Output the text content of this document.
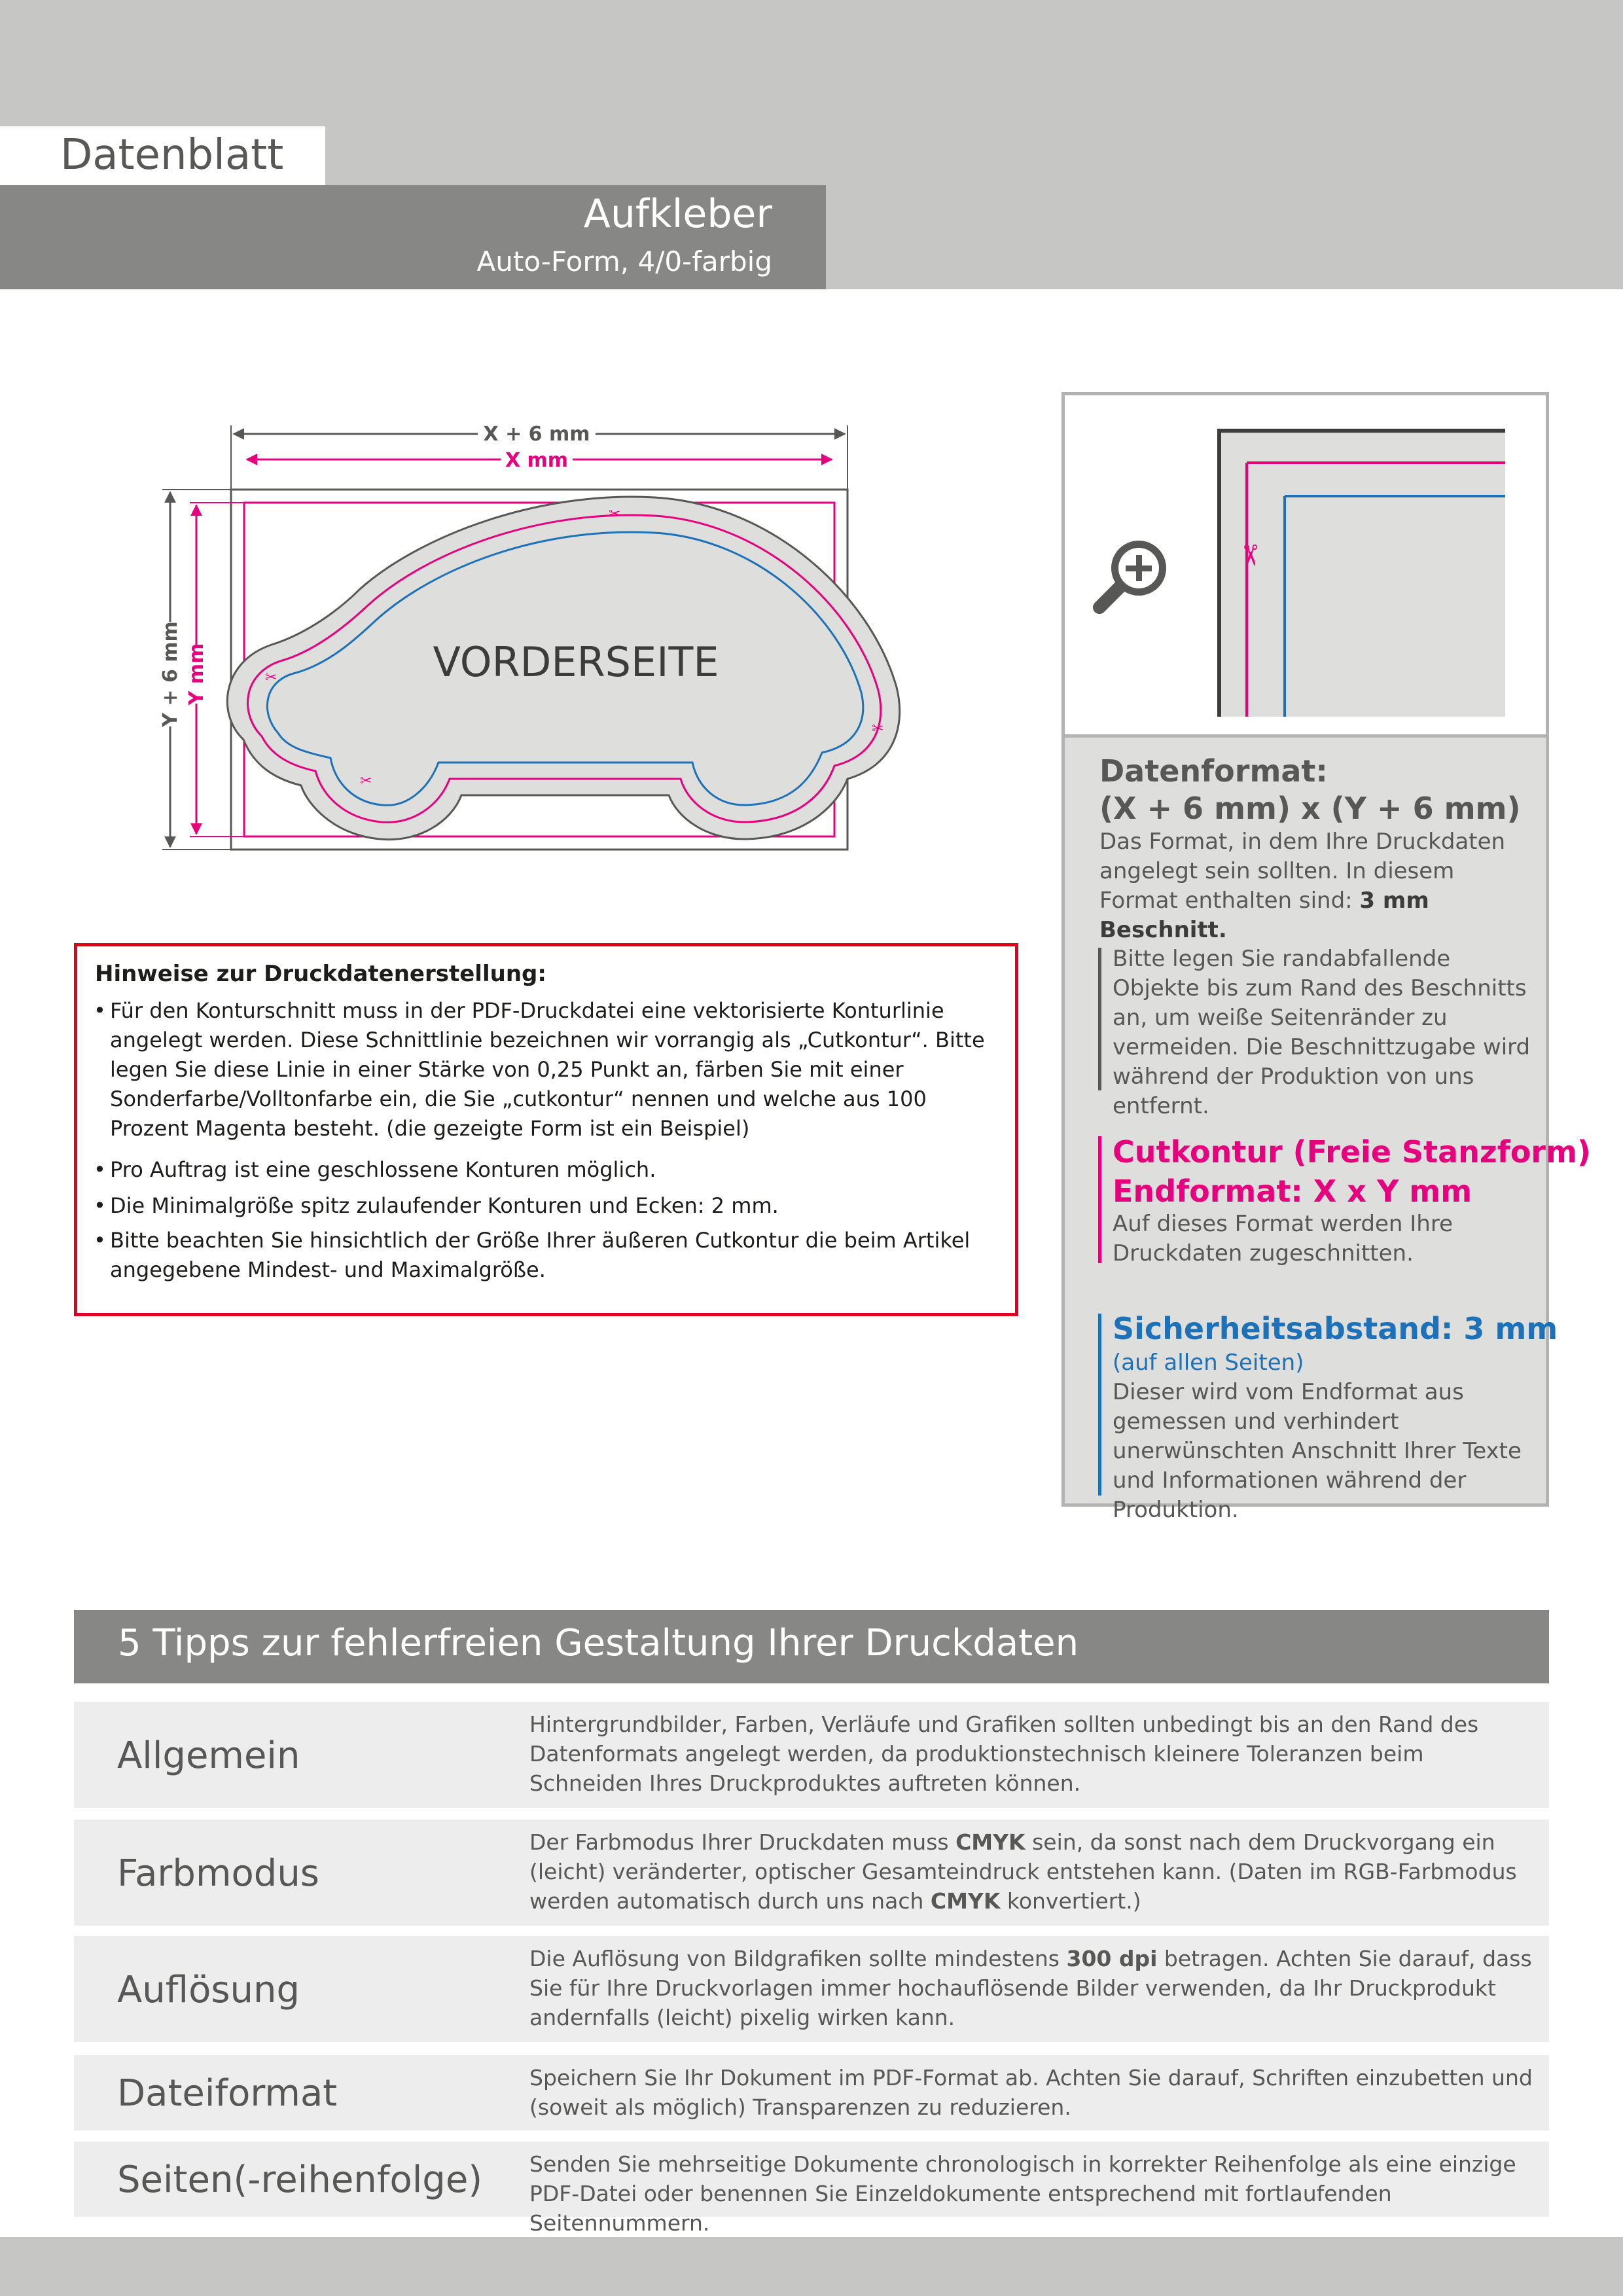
Datenblatt
Aufkleber
Auto-Form, 4/0-farbig
✂
✂
✂
✂
X + 6 mm
X mm
Y + 6 mm Y mm	VORDERSEITE
Hinweise zur Druckdatenerstellung:
• Für den Konturschnitt muss in der PDF-Druckdatei eine vektorisierte Konturlinie angelegt werden. Diese Schnittlinie bezeichnen wir vorrangig als „Cutkontur“. Bitte legen Sie diese Linie in einer Stärke von 0,25 Punkt an, färben Sie mit einer Sonderfarbe/Volltonfarbe ein, die Sie „cutkontur“ nennen und welche aus 100 Prozent Magenta besteht. (die gezeigte Form ist ein Beispiel)
• Pro Auftrag ist eine geschlossene Konturen möglich.
• Die Minimalgröße spitz zulaufender Konturen und Ecken: 2 mm.
• Bitte beachten Sie hinsichtlich der Größe Ihrer äußeren Cutkontur die beim Artikel angegebene Mindest- und Maximalgröße.
✂
Datenformat:
(X + 6 mm) x (Y + 6 mm)
Das Format, in dem Ihre Druckdaten angelegt sein sollten. In diesem Format enthalten sind: 3 mm Beschnitt.
Bitte legen Sie randabfallende Objekte bis zum Rand des Beschnitts an, um weiße Seitenränder zu vermeiden. Die Beschnittzugabe wird während der Produktion von uns entfernt.
Cutkontur (Freie Stanzform)
Endformat: X x Y mm
Auf dieses Format werden Ihre Druckdaten zugeschnitten.
Sicherheitsabstand: 3 mm
(auf allen Seiten)
Dieser wird vom Endformat aus gemessen und verhindert unerwünschten Anschnitt Ihrer Texte und Informationen während der Produktion.
5 Tipps zur fehlerfreien Gestaltung Ihrer Druckdaten
Allgemein
Hintergrundbilder, Farben, Verläufe und Grafiken sollten unbedingt bis an den Rand des Datenformats angelegt werden, da produktionstechnisch kleinere Toleranzen beim Schneiden Ihres Druckproduktes auftreten können.
Farbmodus
Der Farbmodus Ihrer Druckdaten muss CMYK sein, da sonst nach dem Druckvorgang ein (leicht) veränderter, optischer Gesamteindruck entstehen kann. (Daten im RGB-Farbmodus werden automatisch durch uns nach CMYK konvertiert.)
Auflösung
Die Auflösung von Bildgrafiken sollte mindestens 300 dpi betragen. Achten Sie darauf, dass Sie für Ihre Druckvorlagen immer hochauflösende Bilder verwenden, da Ihr Druckprodukt andernfalls (leicht) pixelig wirken kann.
Dateiformat	Speichern Sie Ihr Dokument im PDF-Format ab. Achten Sie darauf, Schriften einzubetten und (soweit als möglich) Transparenzen zu reduzieren.
Seiten(-reihenfolge) Senden Sie mehrseitige Dokumente chronologisch in korrekter Reihenfolge als eine einzige PDF-Datei oder benennen Sie Einzeldokumente entsprechend mit fortlaufenden Seitennummern.
